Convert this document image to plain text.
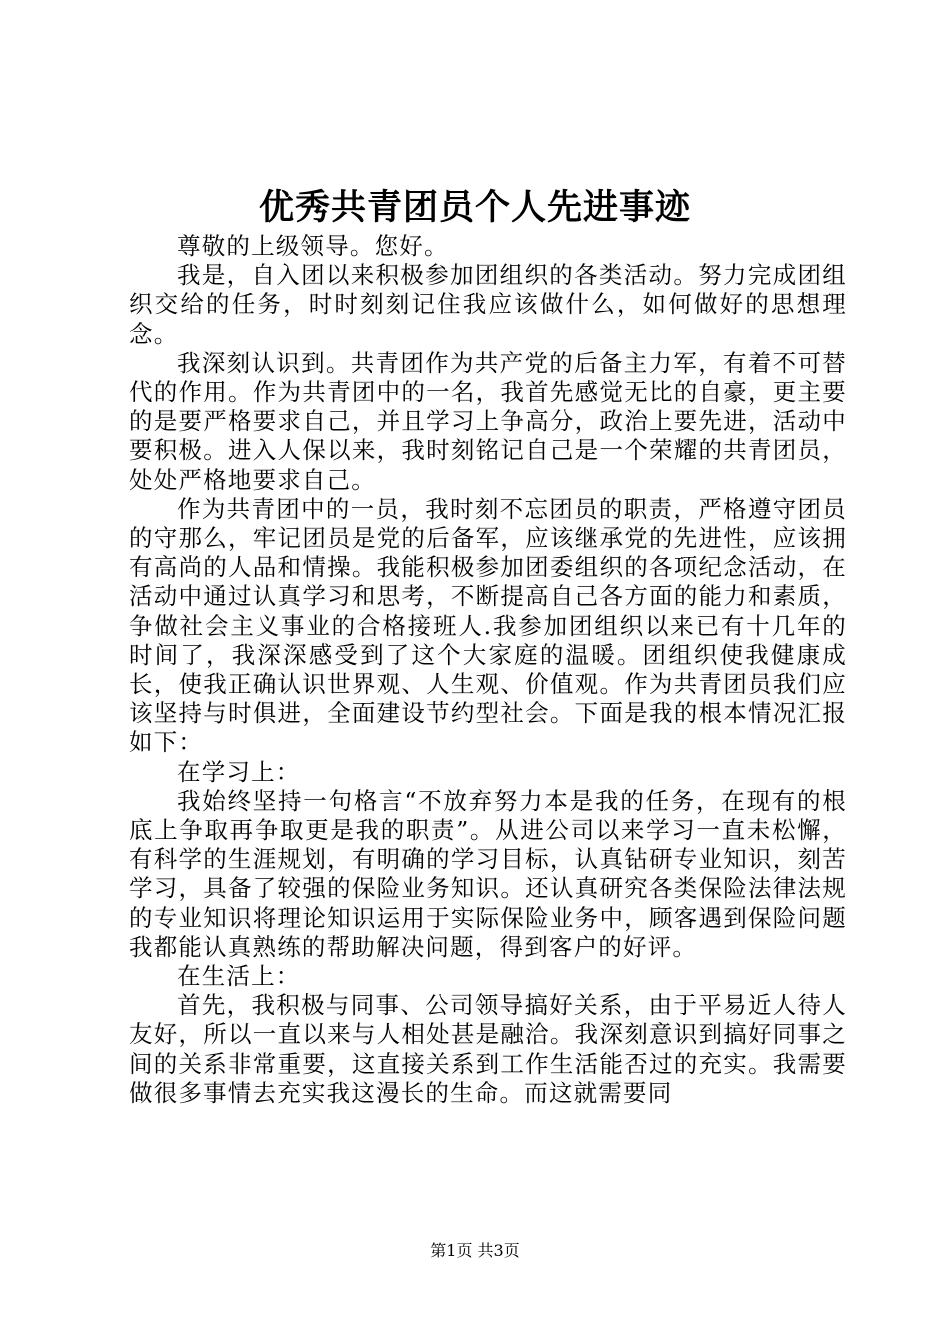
优秀共青团员个人先进事迹

尊敬的上级领导。您好。

我是，自入团以来积极参加团组织的各类活动。努力完成团组织交给的任务，时时刻刻记住我应该做什么，如何做好的思想理念。

我深刻认识到。共青团作为共产党的后备主力军，有着不可替代的作用。作为共青团中的一名，我首先感觉无比的自豪，更主要的是要严格要求自己，并且学习上争高分，政治上要先进，活动中要积极。进入人保以来，我时刻铭记自己是一个荣耀的共青团员，处处严格地要求自己。

作为共青团中的一员，我时刻不忘团员的职责，严格遵守团员的守那么，牢记团员是党的后备军，应该继承党的先进性，应该拥有高尚的人品和情操。我能积极参加团委组织的各项纪念活动，在活动中通过认真学习和思考，不断提高自己各方面的能力和素质，争做社会主义事业的合格接班人.我参加团组织以来已有十几年的时间了，我深深感受到了这个大家庭的温暖。团组织使我健康成长，使我正确认识世界观、人生观、价值观。作为共青团员我们应该坚持与时俱进，全面建设节约型社会。下面是我的根本情况汇报如下：

在学习上：

我始终坚持一句格言“不放弃努力本是我的任务，在现有的根底上争取再争取更是我的职责”。从进公司以来学习一直未松懈，有科学的生涯规划，有明确的学习目标，认真钻研专业知识，刻苦学习，具备了较强的保险业务知识。还认真研究各类保险法律法规的专业知识将理论知识运用于实际保险业务中，顾客遇到保险问题我都能认真熟练的帮助解决问题，得到客户的好评。

在生活上：

首先，我积极与同事、公司领导搞好关系，由于平易近人待人友好，所以一直以来与人相处甚是融洽。我深刻意识到搞好同事之间的关系非常重要，这直接关系到工作生活能否过的充实。我需要做很多事情去充实我这漫长的生命。而这就需要同

第1页 共3页
